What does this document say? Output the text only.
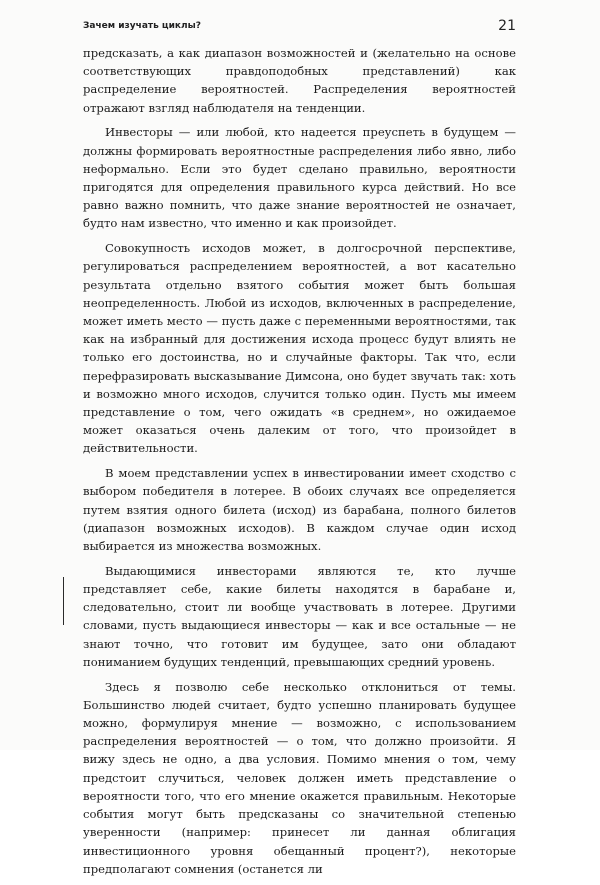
Зачем изучать циклы?	21

предсказать, а как диапазон возможностей и (желательно на основе соответствующих правдоподобных представлений) как распределение вероятностей. Распределения вероятностей отражают взгляд наблюдателя на тенденции.

Инвесторы — или любой, кто надеется преуспеть в будущем — должны формировать вероятностные распределения либо явно, либо неформально. Если это будет сделано правильно, вероятности пригодятся для определения правильного курса действий. Но все равно важно помнить, что даже знание вероятностей не означает, будто нам известно, что именно и как произойдет.

Совокупность исходов может, в долгосрочной перспективе, регулироваться распределением вероятностей, а вот касательно результата отдельно взятого события может быть большая неопределенность. Любой из исходов, включенных в распределение, может иметь место — пусть даже с переменными вероятностями, так как на избранный для достижения исхода процесс будут влиять не только его достоинства, но и случайные факторы. Так что, если перефразировать высказывание Димсона, оно будет звучать так: хоть и возможно много исходов, случится только один. Пусть мы имеем представление о том, чего ожидать «в среднем», но ожидаемое может оказаться очень далеким от того, что произойдет в действительности.

В моем представлении успех в инвестировании имеет сходство с выбором победителя в лотерее. В обоих случаях все определяется путем взятия одного билета (исход) из барабана, полного билетов (диапазон возможных исходов). В каждом случае один исход выбирается из множества возможных.

Выдающимися инвесторами являются те, кто лучше представляет себе, какие билеты находятся в барабане и, следовательно, стоит ли вообще участвовать в лотерее. Другими словами, пусть выдающиеся инвесторы — как и все остальные — не знают точно, что готовит им будущее, зато они обладают пониманием будущих тенденций, превышающих средний уровень.

Здесь я позволю себе несколько отклониться от темы. Большинство людей считает, будто успешно планировать будущее можно, формулируя мнение — возможно, с использованием распределения вероятностей — о том, что должно произойти. Я вижу здесь не одно, а два условия. Помимо мнения о том, чему предстоит случиться, человек должен иметь представление о вероятности того, что его мнение окажется правильным. Некоторые события могут быть предсказаны со значительной степенью уверенности (например: принесет ли данная облигация инвестиционного уровня обещанный процент?), некоторые предполагают сомнения (останется ли
